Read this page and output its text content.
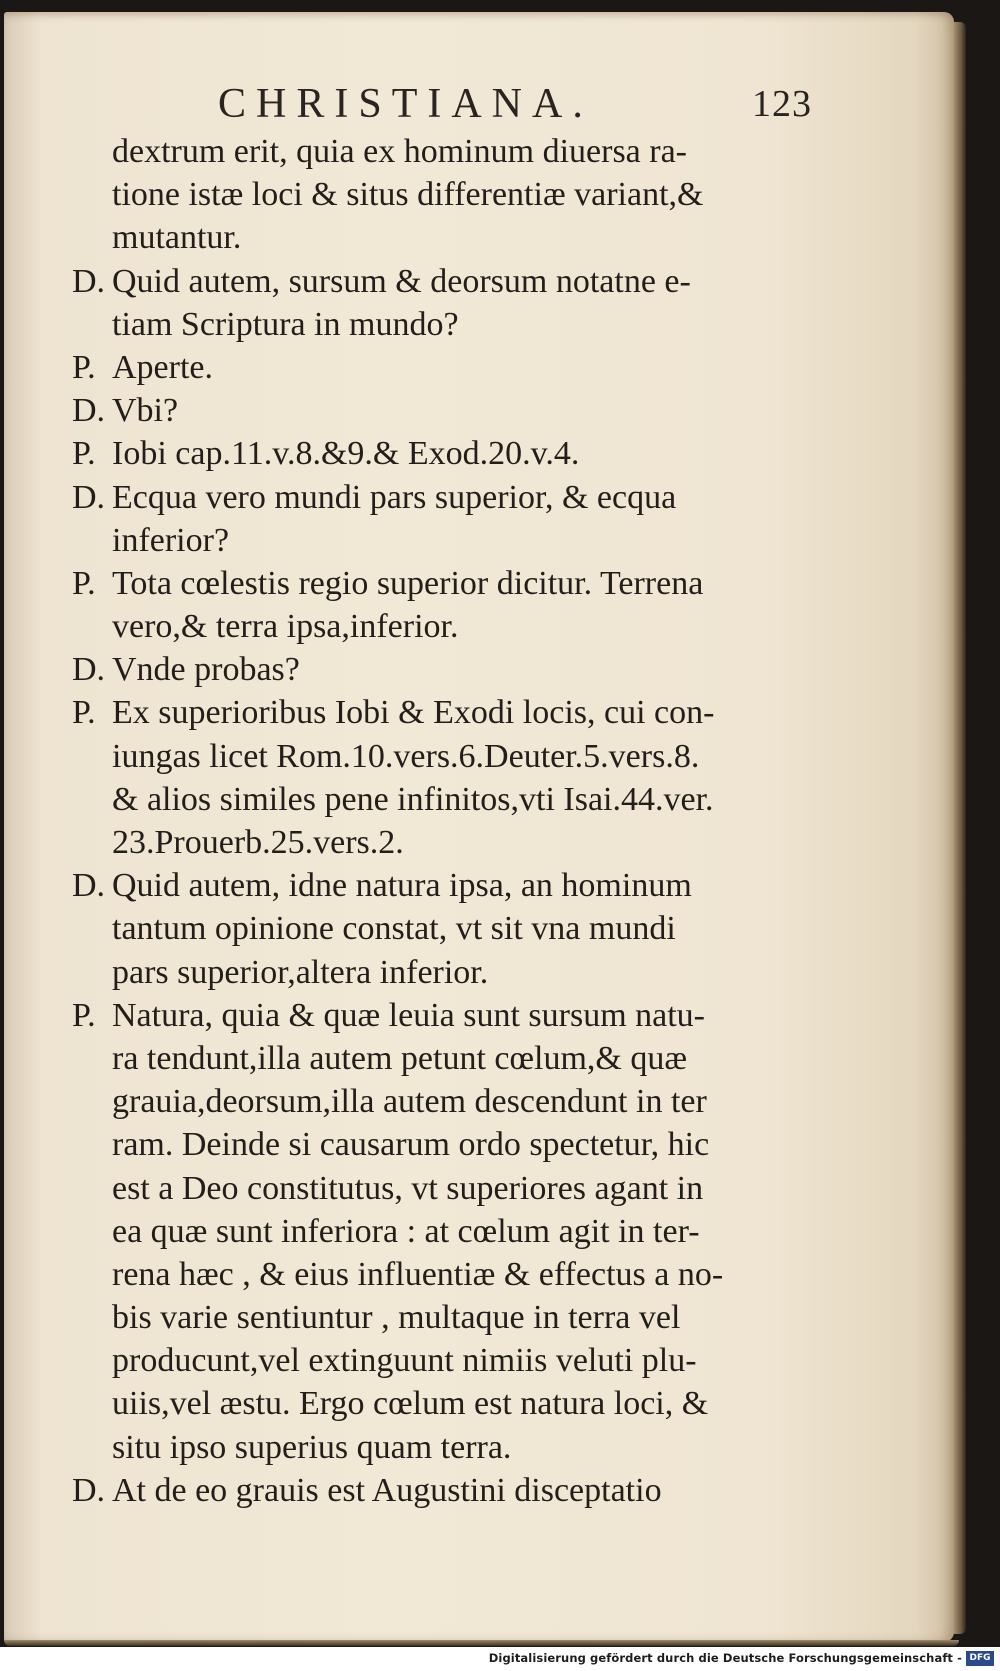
CHRISTIANA.	123
dextrum erit, quia ex hominum diuersa ra-
tione istæ loci & situs differentiæ variant,&
mutantur.
D. Quid autem, sursum & deorsum notatne e-
tiam Scriptura in mundo?
P. Aperte.
D. Vbi?
P. Iobi cap.11.v.8.&9.& Exod.20.v.4.
D. Ecqua vero mundi pars superior, & ecqua
inferior?
P. Tota cœlestis regio superior dicitur. Terrena
vero,& terra ipsa,inferior.
D. Vnde probas?
P. Ex superioribus Iobi & Exodi locis, cui con-
iungas licet Rom.10.vers.6.Deuter.5.vers.8.
& alios similes pene infinitos,vti Isai.44.ver.
23.Prouerb.25.vers.2.
D. Quid autem, idne natura ipsa, an hominum
tantum opinione constat, vt sit vna mundi
pars superior,altera inferior.
P. Natura, quia & quæ leuia sunt sursum natu-
ra tendunt,illa autem petunt cœlum,& quæ
grauia,deorsum,illa autem descendunt in ter
ram. Deinde si causarum ordo spectetur, hic
est a Deo constitutus, vt superiores agant in
ea quæ sunt inferiora : at cœlum agit in ter-
rena hæc , & eius influentiæ & effectus a no-
bis varie sentiuntur , multaque in terra vel
producunt,vel extinguunt nimiis veluti plu-
uiis,vel æstu. Ergo cœlum est natura loci, &
situ ipso superius quam terra.
D. At de eo grauis est Augustini disceptatio
Digitalisierung gefördert durch die Deutsche Forschungsgemeinschaft - DFG
